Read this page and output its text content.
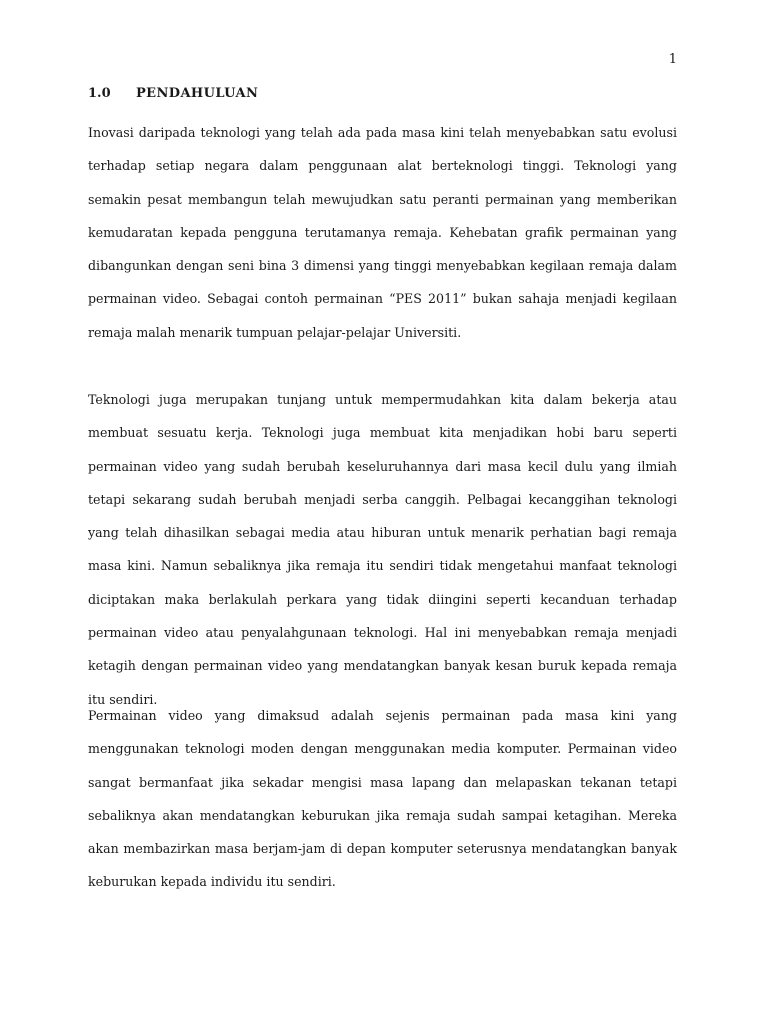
1
1.0	PENDAHULUAN

Inovasi daripada teknologi yang telah ada pada masa kini telah menyebabkan satu evolusi terhadap setiap negara dalam penggunaan alat berteknologi tinggi. Teknologi yang semakin pesat membangun telah mewujudkan satu peranti permainan yang memberikan kemudaratan kepada pengguna terutamanya remaja. Kehebatan grafik permainan yang dibangunkan dengan seni bina 3 dimensi yang tinggi menyebabkan kegilaan remaja dalam permainan video. Sebagai contoh permainan “PES 2011” bukan sahaja menjadi kegilaan remaja malah menarik tumpuan pelajar-pelajar Universiti.

Teknologi juga merupakan tunjang untuk mempermudahkan kita dalam bekerja atau membuat sesuatu kerja. Teknologi juga membuat kita menjadikan hobi baru seperti permainan video yang sudah berubah keseluruhannya dari masa kecil dulu yang ilmiah tetapi sekarang sudah berubah menjadi serba canggih. Pelbagai kecanggihan teknologi yang telah dihasilkan sebagai media atau hiburan untuk menarik perhatian bagi remaja masa kini. Namun sebaliknya jika remaja itu sendiri tidak mengetahui manfaat teknologi diciptakan maka berlakulah perkara yang tidak diingini seperti kecanduan terhadap permainan video atau penyalahgunaan teknologi. Hal ini menyebabkan remaja menjadi ketagih dengan permainan video yang mendatangkan banyak kesan buruk kepada remaja itu sendiri.

Permainan video yang dimaksud adalah sejenis permainan pada masa kini yang menggunakan teknologi moden dengan menggunakan media komputer. Permainan video sangat bermanfaat jika sekadar mengisi masa lapang dan melapaskan tekanan tetapi sebaliknya akan mendatangkan keburukan jika remaja sudah sampai ketagihan. Mereka akan membazirkan masa berjam-jam di depan komputer seterusnya mendatangkan banyak keburukan kepada individu itu sendiri.
